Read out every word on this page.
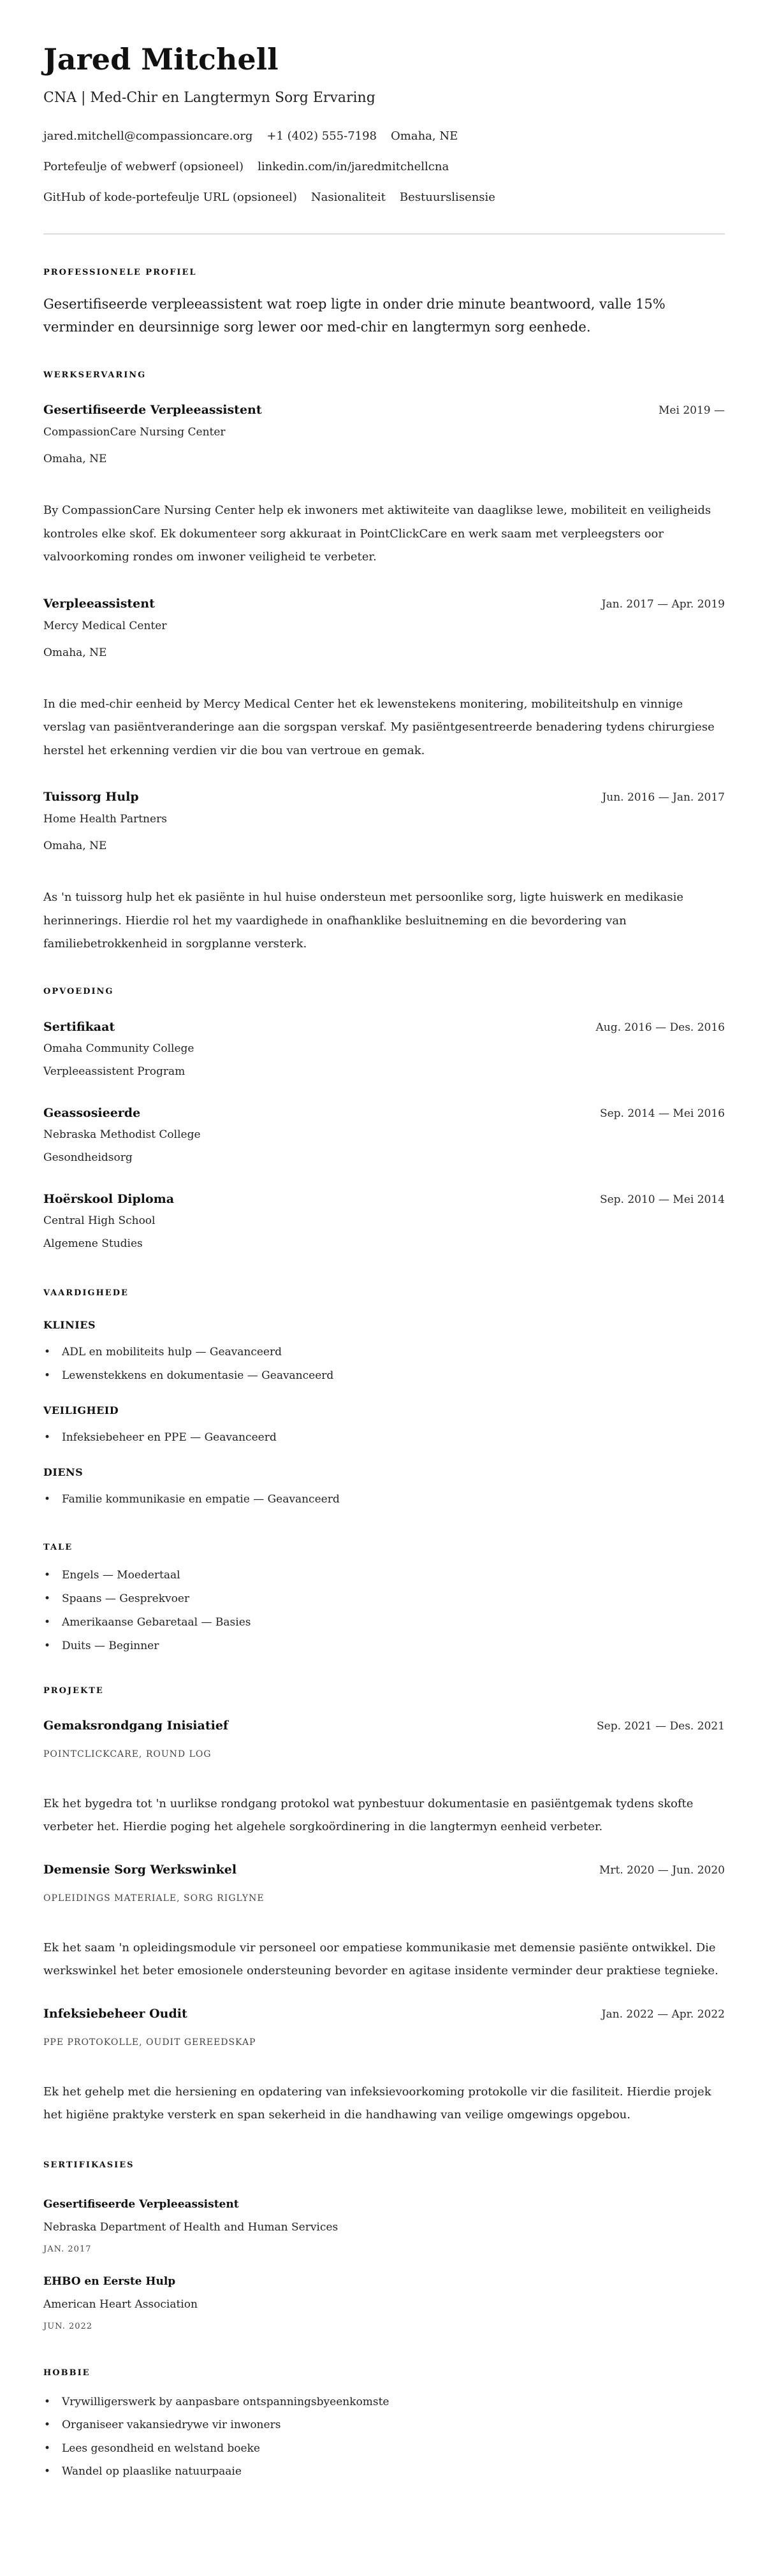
Jared Mitchell
CNA | Med-Chir en Langtermyn Sorg Ervaring
jared.mitchell@compassioncare.org +1 (402) 555-7198 Omaha, NE
Portefeulje of webwerf (opsioneel) linkedin.com/in/jaredmitchellcna
GitHub of kode-portefeulje URL (opsioneel) Nasionaliteit Bestuurslisensie
PROFESSIONELE PROFIEL

Gesertifiseerde verpleeassistent wat roep ligte in onder drie minute beantwoord, valle 15% verminder en deursinnige sorg lewer oor med-chir en langtermyn sorg eenhede.

WERKSERVARING
Gesertifiseerde Verpleeassistent	Mei 2019 —
CompassionCare Nursing Center
Omaha, NE
By CompassionCare Nursing Center help ek inwoners met aktiwiteite van daaglikse lewe, mobiliteit en veiligheids kontroles elke skof. Ek dokumenteer sorg akkuraat in PointClickCare en werk saam met verpleegsters oor valvoorkoming rondes om inwoner veiligheid te verbeter.
Verpleeassistent	Jan. 2017 — Apr. 2019
Mercy Medical Center
Omaha, NE
In die med-chir eenheid by Mercy Medical Center het ek lewenstekens monitering, mobiliteitshulp en vinnige verslag van pasiëntveranderinge aan die sorgspan verskaf. My pasiëntgesentreerde benadering tydens chirurgiese herstel het erkenning verdien vir die bou van vertroue en gemak.
Tuissorg Hulp	Jun. 2016 — Jan. 2017
Home Health Partners
Omaha, NE
As 'n tuissorg hulp het ek pasiënte in hul huise ondersteun met persoonlike sorg, ligte huiswerk en medikasie herinnerings. Hierdie rol het my vaardighede in onafhanklike besluitneming en die bevordering van familiebetrokkenheid in sorgplanne versterk.
OPVOEDING
Sertifikaat	Aug. 2016 — Des. 2016
Omaha Community College
Verpleeassistent Program
Geassosieerde	Sep. 2014 — Mei 2016
Nebraska Methodist College
Gesondheidsorg
Hoërskool Diploma	Sep. 2010 — Mei 2014
Central High School
Algemene Studies
VAARDIGHEDE
KLINIES
• ADL en mobiliteits hulp — Geavanceerd
• Lewenstekkens en dokumentasie — Geavanceerd
VEILIGHEID
• Infeksiebeheer en PPE — Geavanceerd
DIENS
• Familie kommunikasie en empatie — Geavanceerd
TALE
• Engels — Moedertaal
• Spaans — Gesprekvoer
• Amerikaanse Gebaretaal — Basies
• Duits — Beginner
PROJEKTE
Gemaksrondgang Inisiatief	Sep. 2021 — Des. 2021
POINTCLICKCARE, ROUND LOG
Ek het bygedra tot 'n uurlikse rondgang protokol wat pynbestuur dokumentasie en pasiëntgemak tydens skofte verbeter het. Hierdie poging het algehele sorgkoördinering in die langtermyn eenheid verbeter.
Demensie Sorg Werkswinkel	Mrt. 2020 — Jun. 2020
OPLEIDINGS MATERIALE, SORG RIGLYNE
Ek het saam 'n opleidingsmodule vir personeel oor empatiese kommunikasie met demensie pasiënte ontwikkel. Die werkswinkel het beter emosionele ondersteuning bevorder en agitase insidente verminder deur praktiese tegnieke.
Infeksiebeheer Oudit	Jan. 2022 — Apr. 2022
PPE PROTOKOLLE, OUDIT GEREEDSKAP
Ek het gehelp met die hersiening en opdatering van infeksievoorkoming protokolle vir die fasiliteit. Hierdie projek het higiëne praktyke versterk en span sekerheid in die handhawing van veilige omgewings opgebou.
SERTIFIKASIES
Gesertifiseerde Verpleeassistent
Nebraska Department of Health and Human Services
JAN. 2017
EHBO en Eerste Hulp
American Heart Association
JUN. 2022
HOBBIE
• Vrywilligerswerk by aanpasbare ontspanningsbyeenkomste
• Organiseer vakansiedrywe vir inwoners
• Lees gesondheid en welstand boeke
• Wandel op plaaslike natuurpaaie
